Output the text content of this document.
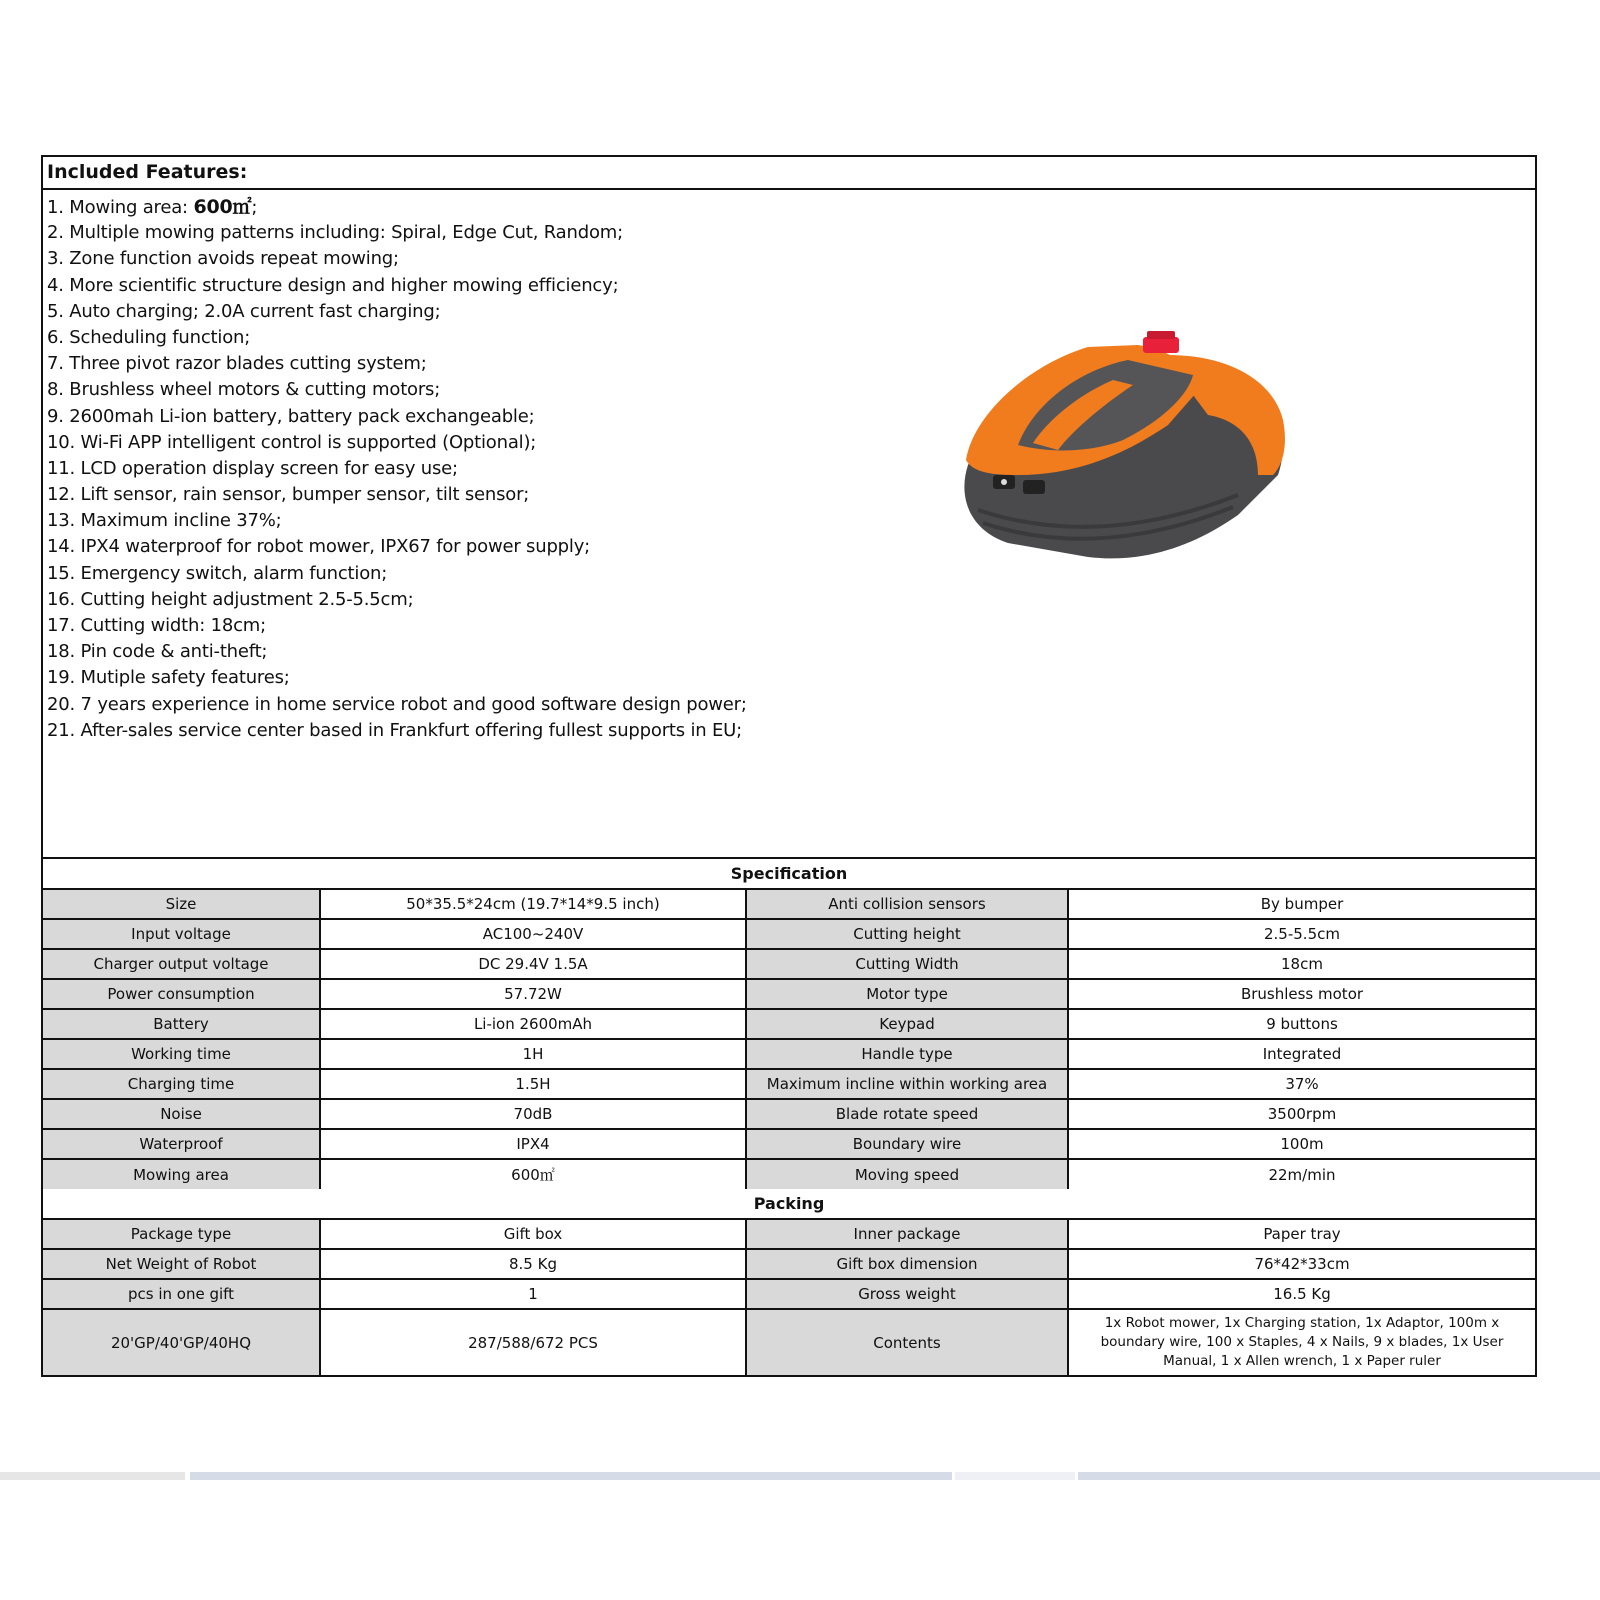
Included Features:
1. Mowing area: 600㎡;
2. Multiple mowing patterns including: Spiral, Edge Cut, Random;
3. Zone function avoids repeat mowing;
4. More scientific structure design and higher mowing efficiency;
5. Auto charging; 2.0A current fast charging;
6. Scheduling function;
7. Three pivot razor blades cutting system;
8. Brushless wheel motors & cutting motors;
9. 2600mah Li-ion battery, battery pack exchangeable;
10. Wi-Fi APP intelligent control is supported (Optional);
11. LCD operation display screen for easy use;
12. Lift sensor, rain sensor, bumper sensor, tilt sensor;
13. Maximum incline 37%;
14. IPX4 waterproof for robot mower, IPX67 for power supply;
15. Emergency switch, alarm function;
16. Cutting height adjustment 2.5-5.5cm;
17. Cutting width: 18cm;
18. Pin code & anti-theft;
19. Mutiple safety features;
20. 7 years experience in home service robot and good software design power;
21. After-sales service center based in Frankfurt offering fullest supports in EU;
Specification			
Size	50*35.5*24cm (19.7*14*9.5 inch)	Anti collision sensors	By bumper
Input voltage	AC100~240V	Cutting height	2.5-5.5cm
Charger output voltage	DC 29.4V 1.5A	Cutting Width	18cm
Power consumption	57.72W	Motor type	Brushless motor
Battery	Li-ion 2600mAh	Keypad	9 buttons
Working time	1H	Handle type	Integrated
Charging time	1.5H	Maximum incline within working area	37%
Noise	70dB	Blade rotate speed	3500rpm
Waterproof	IPX4	Boundary wire	100m
Mowing area	600㎡	Moving speed	22m/min
Packing			
Package type	Gift box	Inner package	Paper tray
Net Weight of Robot	8.5 Kg	Gift box dimension	76*42*33cm
pcs in one gift	1	Gross weight	16.5 Kg
20'GP/40'GP/40HQ	287/588/672 PCS	Contents	1x Robot mower, 1x Charging station, 1x Adaptor, 100m x boundary wire, 100 x Staples, 4 x Nails, 9 x blades, 1x User Manual, 1 x Allen wrench, 1 x Paper ruler
